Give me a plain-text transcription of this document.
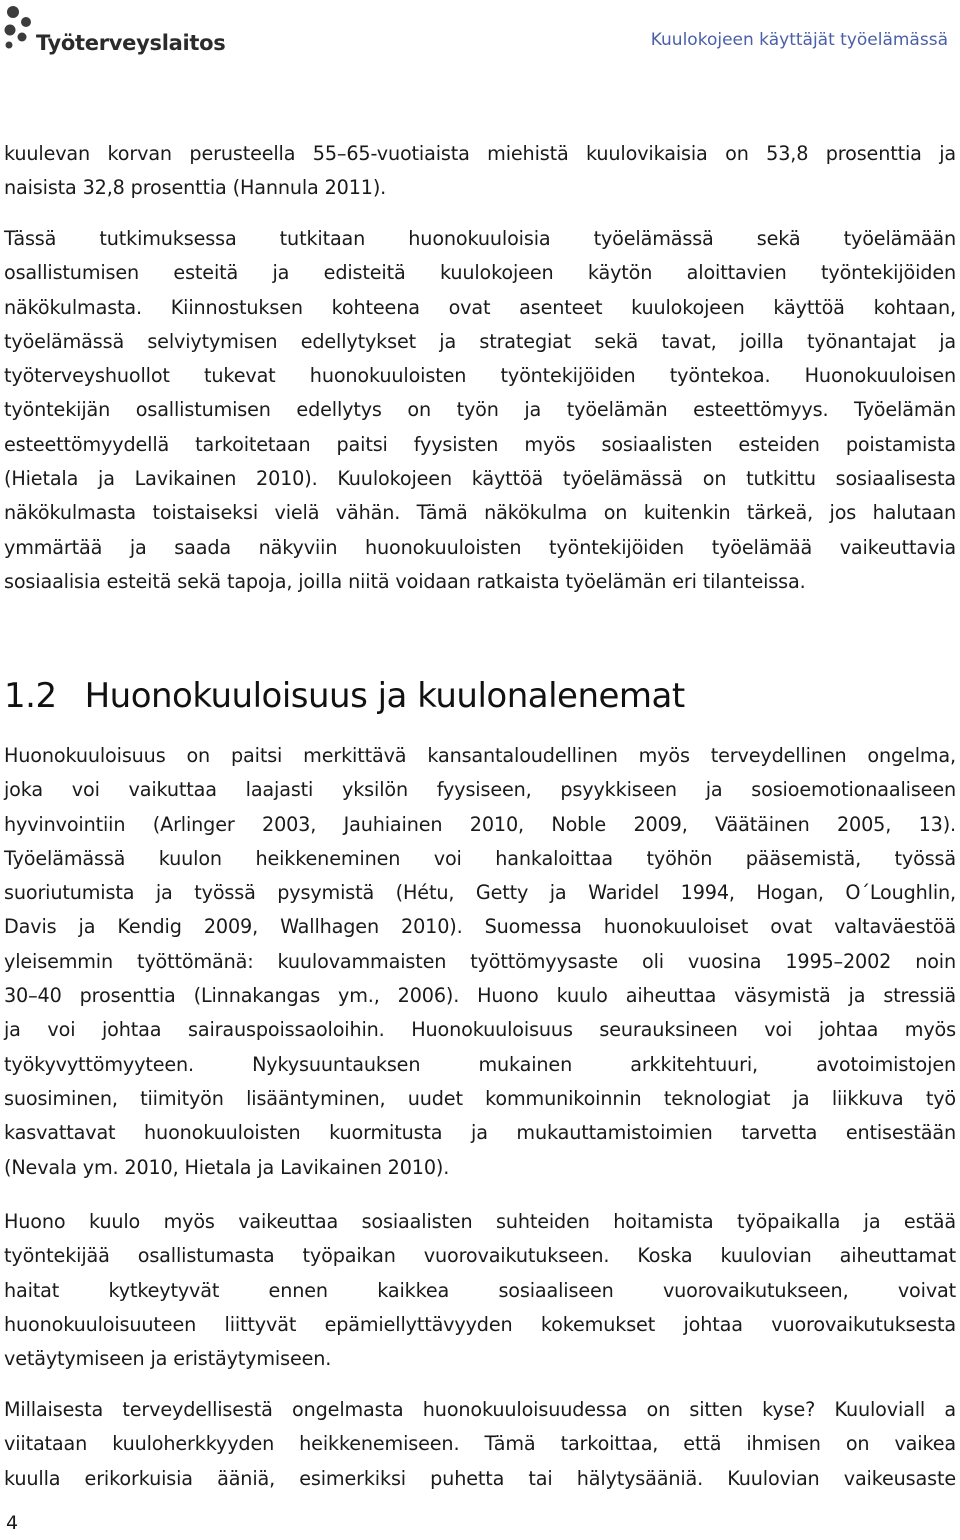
Työterveyslaitos	Kuulokojeen käyttäjät työelämässä
kuulevan korvan perusteella 55–65-vuotiaista miehistä kuulovikaisia on 53,8 prosenttia ja
naisista 32,8 prosenttia (Hannula 2011).
Tässä tutkimuksessa tutkitaan huonokuuloisia työelämässä sekä työelämään
osallistumisen esteitä ja edisteitä kuulokojeen käytön aloittavien työntekijöiden
näkökulmasta. Kiinnostuksen kohteena ovat asenteet kuulokojeen käyttöä kohtaan,
työelämässä selviytymisen edellytykset ja strategiat sekä tavat, joilla työnantajat ja
työterveyshuollot tukevat huonokuuloisten työntekijöiden työntekoa. Huonokuuloisen
työntekijän osallistumisen edellytys on työn ja työelämän esteettömyys. Työelämän
esteettömyydellä tarkoitetaan paitsi fyysisten myös sosiaalisten esteiden poistamista
(Hietala ja Lavikainen 2010). Kuulokojeen käyttöä työelämässä on tutkittu sosiaalisesta
näkökulmasta toistaiseksi vielä vähän. Tämä näkökulma on kuitenkin tärkeä, jos halutaan
ymmärtää ja saada näkyviin huonokuuloisten työntekijöiden työelämää vaikeuttavia
sosiaalisia esteitä sekä tapoja, joilla niitä voidaan ratkaista työelämän eri tilanteissa.
1.2 Huonokuuloisuus ja kuulonalenemat
Huonokuuloisuus on paitsi merkittävä kansantaloudellinen myös terveydellinen ongelma,
joka voi vaikuttaa laajasti yksilön fyysiseen, psyykkiseen ja sosioemotionaaliseen
hyvinvointiin (Arlinger 2003, Jauhiainen 2010, Noble 2009, Väätäinen 2005, 13).
Työelämässä kuulon heikkeneminen voi hankaloittaa työhön pääsemistä, työssä
suoriutumista ja työssä pysymistä (Hétu, Getty ja Waridel 1994, Hogan, O´Loughlin,
Davis ja Kendig 2009, Wallhagen 2010). Suomessa huonokuuloiset ovat valtaväestöä
yleisemmin työttömänä: kuulovammaisten työttömyysaste oli vuosina 1995–2002 noin
30–40 prosenttia (Linnakangas ym., 2006). Huono kuulo aiheuttaa väsymistä ja stressiä
ja voi johtaa sairauspoissaoloihin. Huonokuuloisuus seurauksineen voi johtaa myös
työkyvyttömyyteen. Nykysuuntauksen mukainen arkkitehtuuri, avotoimistojen
suosiminen, tiimityön lisääntyminen, uudet kommunikoinnin teknologiat ja liikkuva työ
kasvattavat huonokuuloisten kuormitusta ja mukauttamistoimien tarvetta entisestään
(Nevala ym. 2010, Hietala ja Lavikainen 2010).
Huono kuulo myös vaikeuttaa sosiaalisten suhteiden hoitamista työpaikalla ja estää
työntekijää osallistumasta työpaikan vuorovaikutukseen. Koska kuulovian aiheuttamat
haitat kytkeytyvät ennen kaikkea sosiaaliseen vuorovaikutukseen, voivat
huonokuuloisuuteen liittyvät epämiellyttävyyden kokemukset johtaa vuorovaikutuksesta
vetäytymiseen ja eristäytymiseen.
Millaisesta terveydellisestä ongelmasta huonokuuloisuudessa on sitten kyse? Kuuloviall a
viitataan kuuloherkkyyden heikkenemiseen. Tämä tarkoittaa, että ihmisen on vaikea
kuulla erikorkuisia ääniä, esimerkiksi puhetta tai hälytysääniä. Kuulovian vaikeusaste
4
